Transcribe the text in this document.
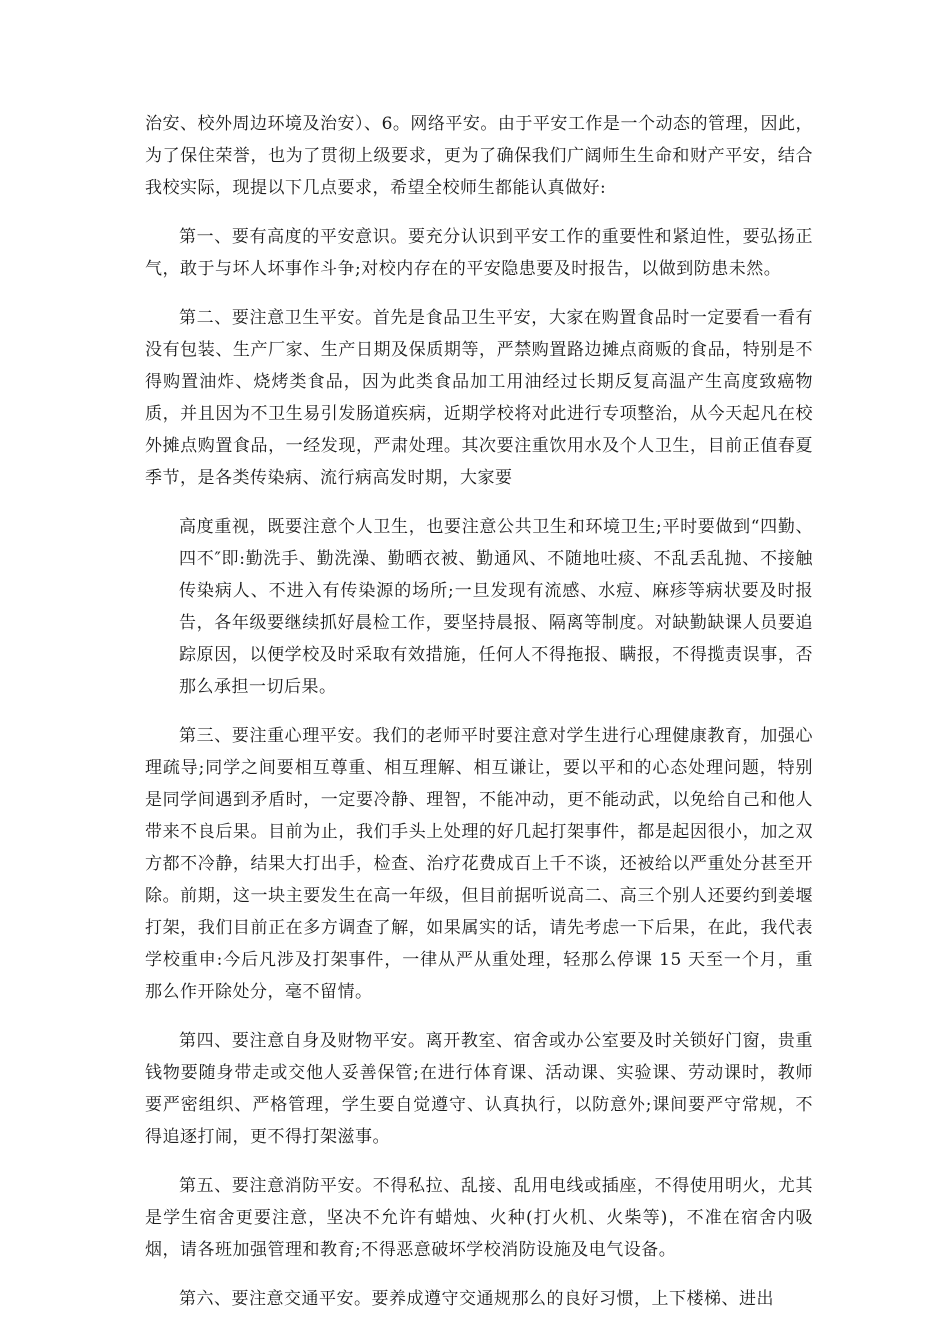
治安、校外周边环境及治安）、6。网络平安。由于平安工作是一个动态的管理，因此，为了保住荣誉，也为了贯彻上级要求，更为了确保我们广阔师生生命和财产平安，结合我校实际，现提以下几点要求，希望全校师生都能认真做好:

第一、要有高度的平安意识。要充分认识到平安工作的重要性和紧迫性，要弘扬正气，敢于与坏人坏事作斗争;对校内存在的平安隐患要及时报告，以做到防患未然。

第二、要注意卫生平安。首先是食品卫生平安，大家在购置食品时一定要看一看有没有包装、生产厂家、生产日期及保质期等，严禁购置路边摊点商贩的食品，特别是不得购置油炸、烧烤类食品，因为此类食品加工用油经过长期反复高温产生高度致癌物质，并且因为不卫生易引发肠道疾病，近期学校将对此进行专项整治，从今天起凡在校外摊点购置食品，一经发现，严肃处理。其次要注重饮用水及个人卫生，目前正值春夏季节，是各类传染病、流行病高发时期，大家要

高度重视，既要注意个人卫生，也要注意公共卫生和环境卫生;平时要做到“四勤、四不″即:勤洗手、勤洗澡、勤晒衣被、勤通风、不随地吐痰、不乱丢乱抛、不接触传染病人、不进入有传染源的场所;一旦发现有流感、水痘、麻疹等病状要及时报告，各年级要继续抓好晨检工作，要坚持晨报、隔离等制度。对缺勤缺课人员要追踪原因，以便学校及时采取有效措施，任何人不得拖报、瞒报，不得揽责误事，否那么承担一切后果。

第三、要注重心理平安。我们的老师平时要注意对学生进行心理健康教育，加强心理疏导;同学之间要相互尊重、相互理解、相互谦让，要以平和的心态处理问题，特别是同学间遇到矛盾时，一定要冷静、理智，不能冲动，更不能动武，以免给自己和他人带来不良后果。目前为止，我们手头上处理的好几起打架事件，都是起因很小，加之双方都不冷静，结果大打出手，检查、治疗花费成百上千不谈，还被给以严重处分甚至开除。前期，这一块主要发生在高一年级，但目前据听说高二、高三个别人还要约到姜堰打架，我们目前正在多方调查了解，如果属实的话，请先考虑一下后果，在此，我代表学校重申:今后凡涉及打架事件，一律从严从重处理，轻那么停课 15 天至一个月，重那么作开除处分，毫不留情。

第四、要注意自身及财物平安。离开教室、宿舍或办公室要及时关锁好门窗，贵重钱物要随身带走或交他人妥善保管;在进行体育课、活动课、实验课、劳动课时，教师要严密组织、严格管理，学生要自觉遵守、认真执行，以防意外;课间要严守常规，不得追逐打闹，更不得打架滋事。

第五、要注意消防平安。不得私拉、乱接、乱用电线或插座，不得使用明火，尤其是学生宿舍更要注意，坚决不允许有蜡烛、火种(打火机、火柴等)，不准在宿舍内吸烟，请各班加强管理和教育;不得恶意破坏学校消防设施及电气设备。

第六、要注意交通平安。要养成遵守交通规那么的良好习惯，上下楼梯、进出
